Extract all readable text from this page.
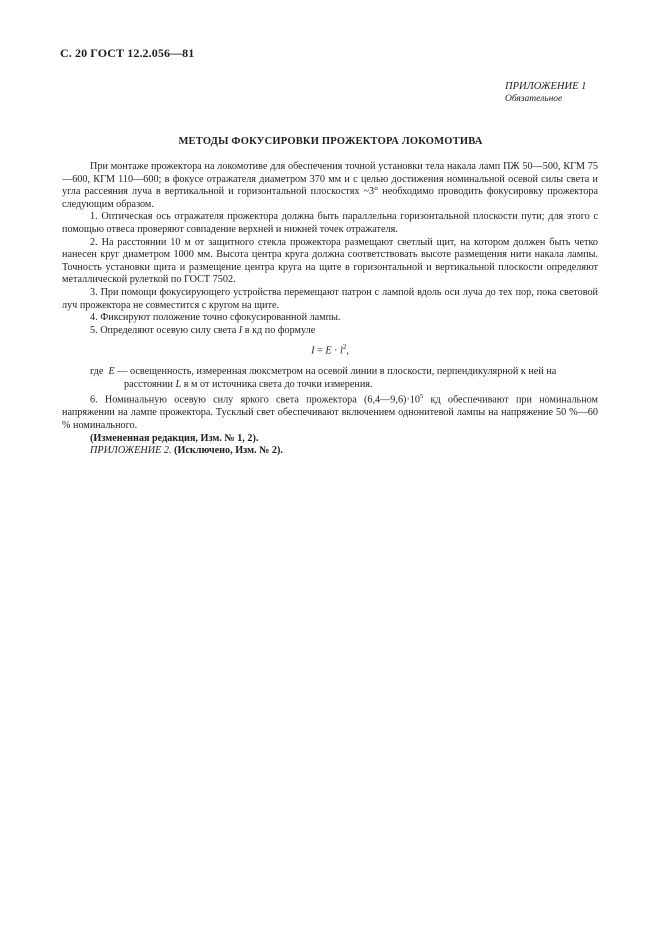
С. 20 ГОСТ 12.2.056—81
ПРИЛОЖЕНИЕ 1
Обязательное
МЕТОДЫ ФОКУСИРОВКИ ПРОЖЕКТОРА ЛОКОМОТИВА

При монтаже прожектора на локомотиве для обеспечения точной установки тела накала ламп ПЖ 50—500, КГМ 75—600, КГМ 110—600; в фокусе отражателя диаметром 370 мм и с целью достижения номинальной осевой силы света и угла рассеяния луча в вертикальной и горизонтальной плоскостях ~3° необходимо проводить фокусировку прожектора следующим образом.

1. Оптическая ось отражателя прожектора должна быть параллельна горизонтальной плоскости пути; для этого с помощью отвеса проверяют совпадение верхней и нижней точек отражателя.

2. На расстоянии 10 м от защитного стекла прожектора размещают светлый щит, на котором должен быть четко нанесен круг диаметром 1000 мм. Высота центра круга должна соответствовать высоте размещения нити накала лампы. Точность установки щита и размещение центра круга на щите в горизонтальной и вертикальной плоскости определяют металлической рулеткой по ГОСТ 7502.

3. При помощи фокусирующего устройства перемещают патрон с лампой вдоль оси луча до тех пор, пока световой луч прожектора не совместится с кругом на щите.

4. Фиксируют положение точно сфокусированной лампы.

5. Определяют осевую силу света I в кд по формуле

$I = E \cdot l^2$,

где E — освещенность, измеренная люксметром на осевой линии в плоскости, перпендикулярной к ней на

расстоянии L в м от источника света до точки измерения.

6. Номинальную осевую силу яркого света прожектора $(6,4—9,6)\cdot 10^5$ кд обеспечивают при номинальном напряжении на лампе прожектора. Тусклый свет обеспечивают включением однонитевой лампы на напряжение 50 %—60 % номинального.

(Измененная редакция, Изм. № 1, 2).

ПРИЛОЖЕНИЕ 2. (Исключено, Изм. № 2).
